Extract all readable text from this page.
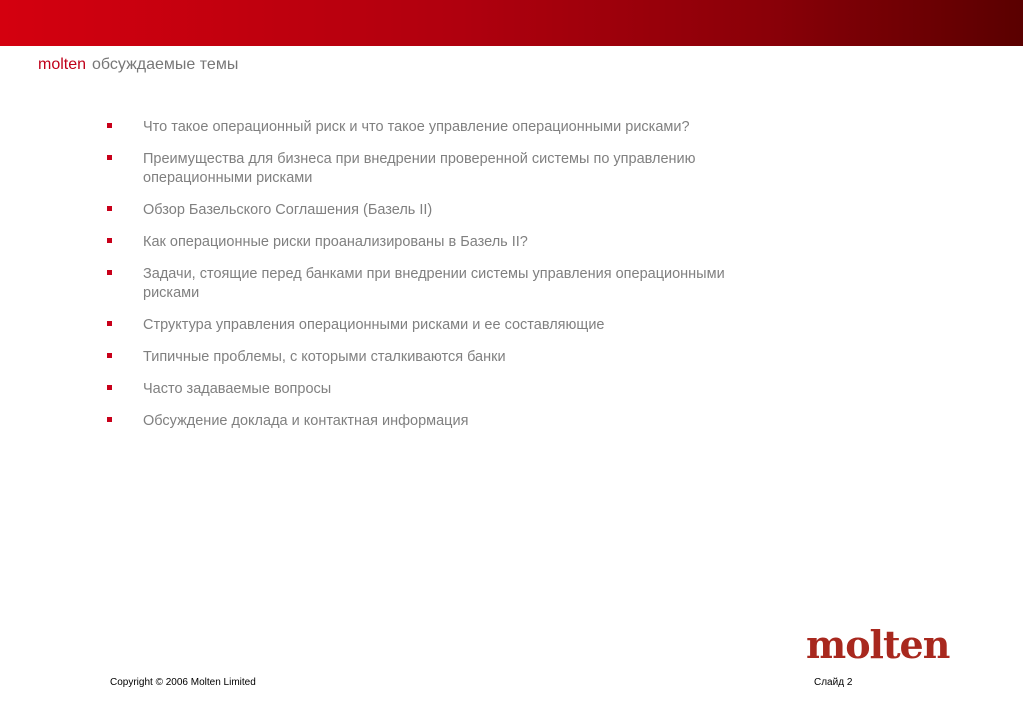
molten обсуждаемые темы
Что такое операционный риск и что такое управление операционными рисками?
Преимущества для бизнеса при внедрении проверенной системы по управлению операционными рисками
Обзор Базельского Соглашения (Базель II)
Как операционные риски проанализированы в Базель II?
Задачи, стоящие перед банками при внедрении системы управления операционными рисками
Структура управления операционными рисками и ее составляющие
Типичные проблемы, с которыми сталкиваются банки
Часто задаваемые вопросы
Обсуждение доклада и контактная информация
molten
Copyright © 2006 Molten Limited	Слайд 2
